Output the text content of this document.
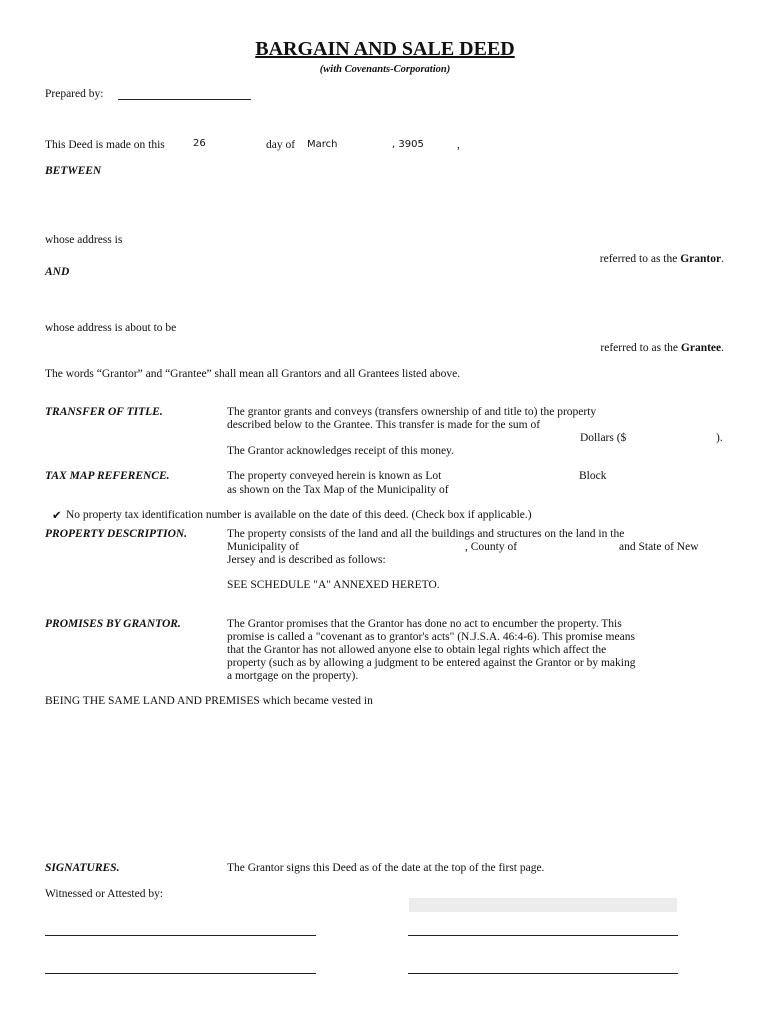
BARGAIN AND SALE DEED
(with Covenants-Corporation)
Prepared by:
This Deed is made on this	26	day of March	, 3905	,
BETWEEN
whose address is
referred to as the Grantor.
AND
whose address is about to be
referred to as the Grantee.
The words “Grantor” and “Grantee” shall mean all Grantors and all Grantees listed above.
TRANSFER OF TITLE.	The grantor grants and conveys (transfers ownership of and title to) the property
described below to the Grantee. This transfer is made for the sum of
Dollars ($	).
The Grantor acknowledges receipt of this money.
TAX MAP REFERENCE.	The property conveyed herein is known as Lot	Block
as shown on the Tax Map of the Municipality of
✔ No property tax identification number is available on the date of this deed. (Check box if applicable.)
PROPERTY DESCRIPTION.	The property consists of the land and all the buildings and structures on the land in the
Municipality of	, County of	and State of New
Jersey and is described as follows:
SEE SCHEDULE "A" ANNEXED HERETO.
PROMISES BY GRANTOR.	The Grantor promises that the Grantor has done no act to encumber the property. This
promise is called a "covenant as to grantor's acts" (N.J.S.A. 46:4-6). This promise means
that the Grantor has not allowed anyone else to obtain legal rights which affect the
property (such as by allowing a judgment to be entered against the Grantor or by making
a mortgage on the property).
BEING THE SAME LAND AND PREMISES which became vested in
SIGNATURES.	The Grantor signs this Deed as of the date at the top of the first page.
Witnessed or Attested by:
